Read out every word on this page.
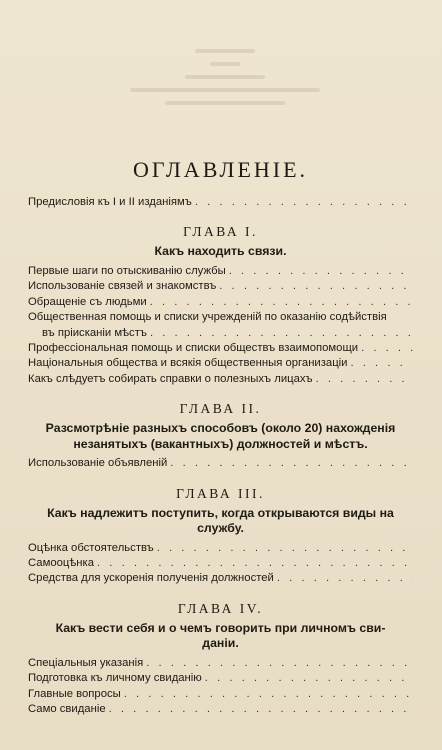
ОГЛАВЛЕНІЕ.
Предисловія къ I и II изданіямъ
. . .
ГЛАВА I.
Какъ находить связи.
Первые шаги по отыскиванію службы
. . .
Использованіе связей и знакомствъ
. . .
Обращеніе съ людьми
. . .
Общественная помощь и списки учрежденій по оказанію содѣйствія
въ пріисканіи мѣстъ
. . .
Профессіональная помощь и списки обществъ взаимопомощи
. . .
Національныя общества и всякія общественныя организаціи
. . .
Какъ слѣдуетъ собирать справки о полезныхъ лицахъ
. . .
ГЛАВА II.
Разсмотрѣніе разныхъ способовъ (около 20) нахожденія
незанятыхъ (вакантныхъ) должностей и мѣстъ.
Использованіе объявленій
. . .
ГЛАВА III.
Какъ надлежитъ поступить, когда открываются виды на
службу.
Оцѣнка обстоятельствъ
. . .
Самооцѣнка
. . .
Средства для ускоренія полученія должностей
. . .
ГЛАВА IV.
Какъ вести себя и о чемъ говорить при личномъ сви-
даніи.
Спеціальныя указанія
. . .
Подготовка къ личному свиданію
. . .
Главные вопросы
. . .
Само свиданіе
. . .
